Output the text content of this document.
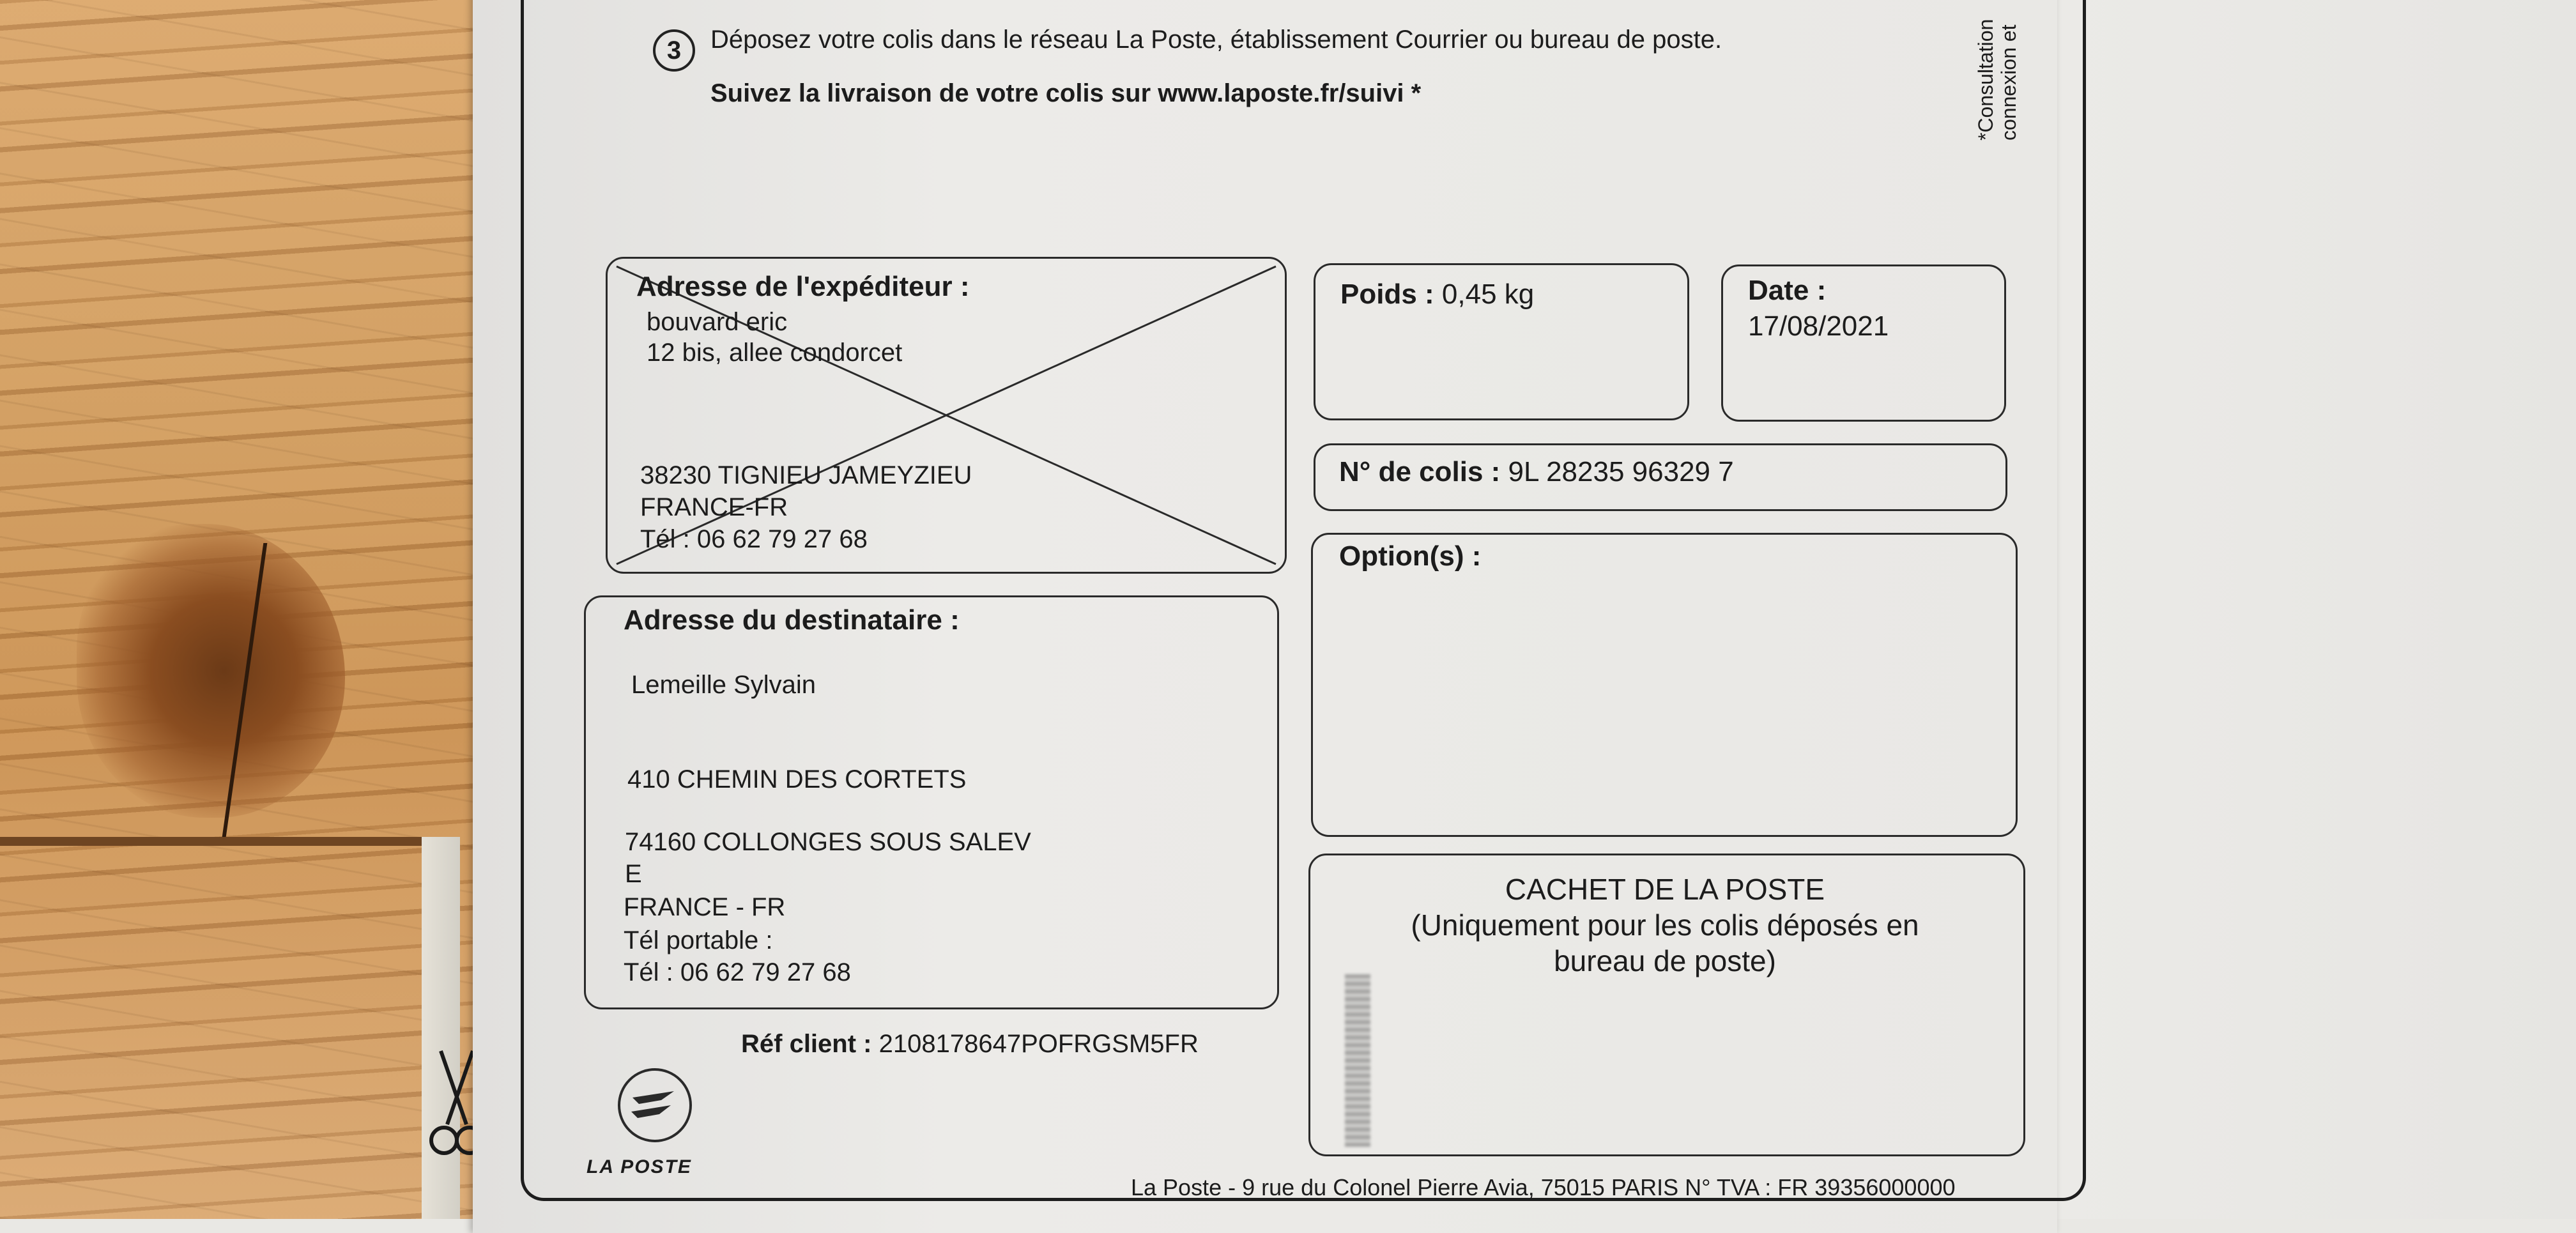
3	Déposez votre colis dans le réseau La Poste, établissement Courrier ou bureau de poste.
Suivez la livraison de votre colis sur www.laposte.fr/suivi *	*Consultation connexion et
Adresse de l'expéditeur :
bouvard eric
12 bis, allee condorcet
38230 TIGNIEU JAMEYZIEU
FRANCE-FR
Tél : 06 62 79 27 68
Poids : 0,45 kg	Date :
17/08/2021
N° de colis : 9L 28235 96329 7
Option(s) :
Adresse du destinataire :
Lemeille Sylvain
410 CHEMIN DES CORTETS
74160 COLLONGES SOUS SALEV
E
FRANCE - FR
Tél portable :
Tél : 06 62 79 27 68
CACHET DE LA POSTE
(Uniquement pour les colis déposés en
bureau de poste)
Réf client : 2108178647POFRGSM5FR
LA POSTE
La Poste - 9 rue du Colonel Pierre Avia, 75015 PARIS N° TVA : FR 39356000000
